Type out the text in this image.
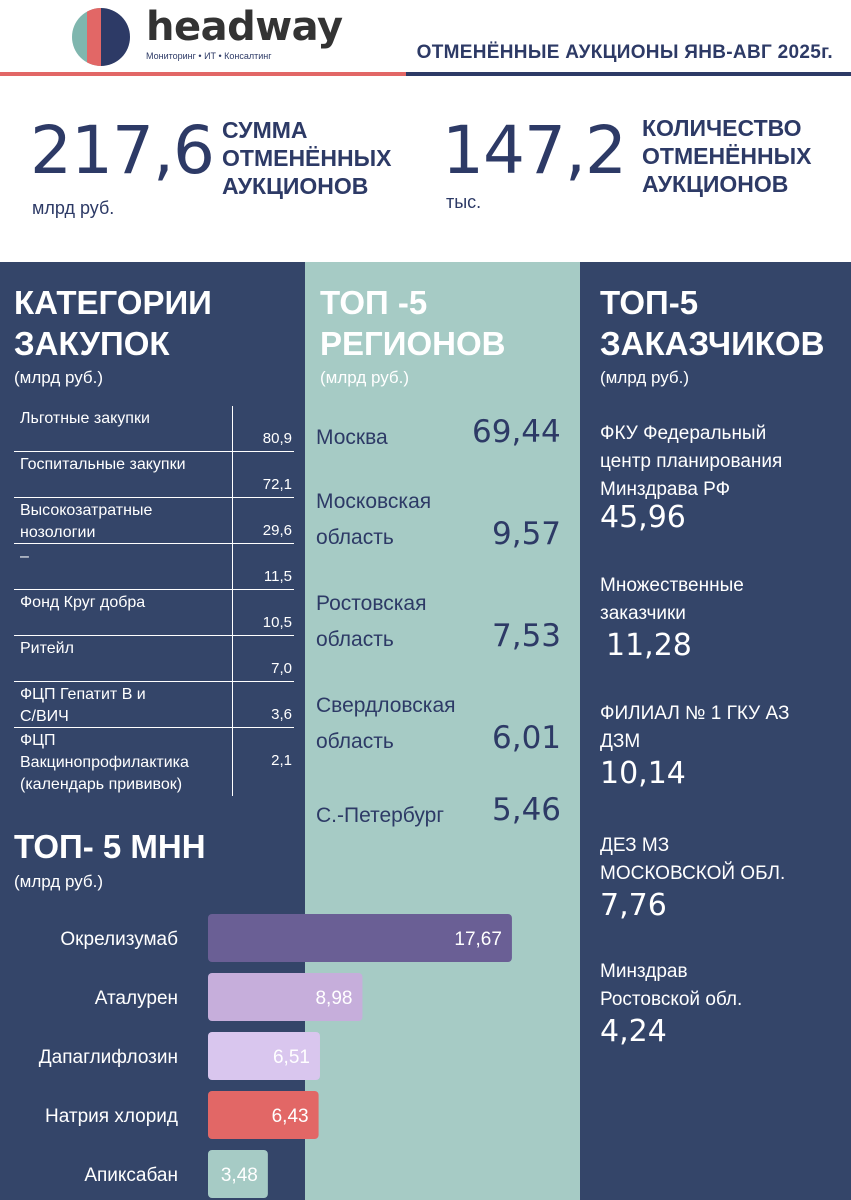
headway
Мониторинг • ИТ • Консалтинг	ОТМЕНЁННЫЕ АУКЦИОНЫ ЯНВ-АВГ 2025г.
217,6
млрд руб.
СУММА
ОТМЕНЁННЫХ
АУКЦИОНОВ	147,2
тыс.
КОЛИЧЕСТВО
ОТМЕНЁННЫХ
АУКЦИОНОВ
КАТЕГОРИИ
ЗАКУПОК
(млрд руб.)
Льготные закупки
80,9
Госпитальные закупки
72,1
Высокозатратные
нозологии	29,6
–
11,5
Фонд Круг добра
10,5
Ритейл
7,0
ФЦП Гепатит В и
С/ВИЧ	3,6
ФЦП
Вакцинопрофилактика
(календарь прививок)
2,1
ТОП -5
РЕГИОНОВ
(млрд руб.)
Москва	69,44
Московская
область	9,57
Ростовская
область	7,53
Свердловская
область	6,01
С.-Петербург 5,46
ТОП-5
ЗАКАЗЧИКОВ
(млрд руб.)
ФКУ Федеральный
центр планирования
Минздрава РФ
45,96
Множественные
заказчики
11,28
ФИЛИАЛ № 1 ГКУ АЗ
ДЗМ
10,14
ДЕЗ МЗ
МОСКОВСКОЙ ОБЛ.
7,76
Минздрав
Ростовской обл.
4,24
ТОП- 5 МНН
(млрд руб.)
Окрелизумаб	17,67
Аталурен	8,98
Дапаглифлозин	6,51
Натрия хлорид	6,43
Апиксабан 3,48
